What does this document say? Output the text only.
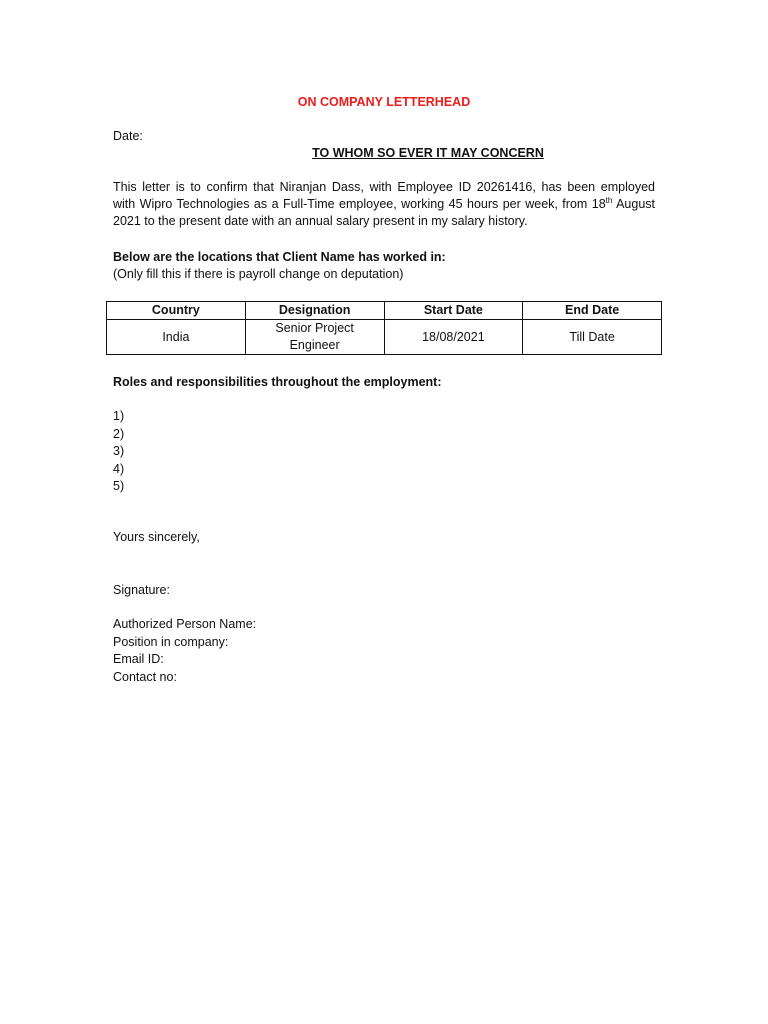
ON COMPANY LETTERHEAD
Date:
TO WHOM SO EVER IT MAY CONCERN
This letter is to confirm that Niranjan Dass, with Employee ID 20261416, has been employed
with Wipro Technologies as a Full-Time employee, working 45 hours per week, from 18th August
2021 to the present date with an annual salary present in my salary history.
Below are the locations that Client Name has worked in:
(Only fill this if there is payroll change on deputation)
Country	Designation	Start Date	End Date
India	Senior Project Engineer	18/08/2021	Till Date
Roles and responsibilities throughout the employment:
1)
2)
3)
4)
5)
Yours sincerely,
Signature:
Authorized Person Name:
Position in company:
Email ID:
Contact no:
